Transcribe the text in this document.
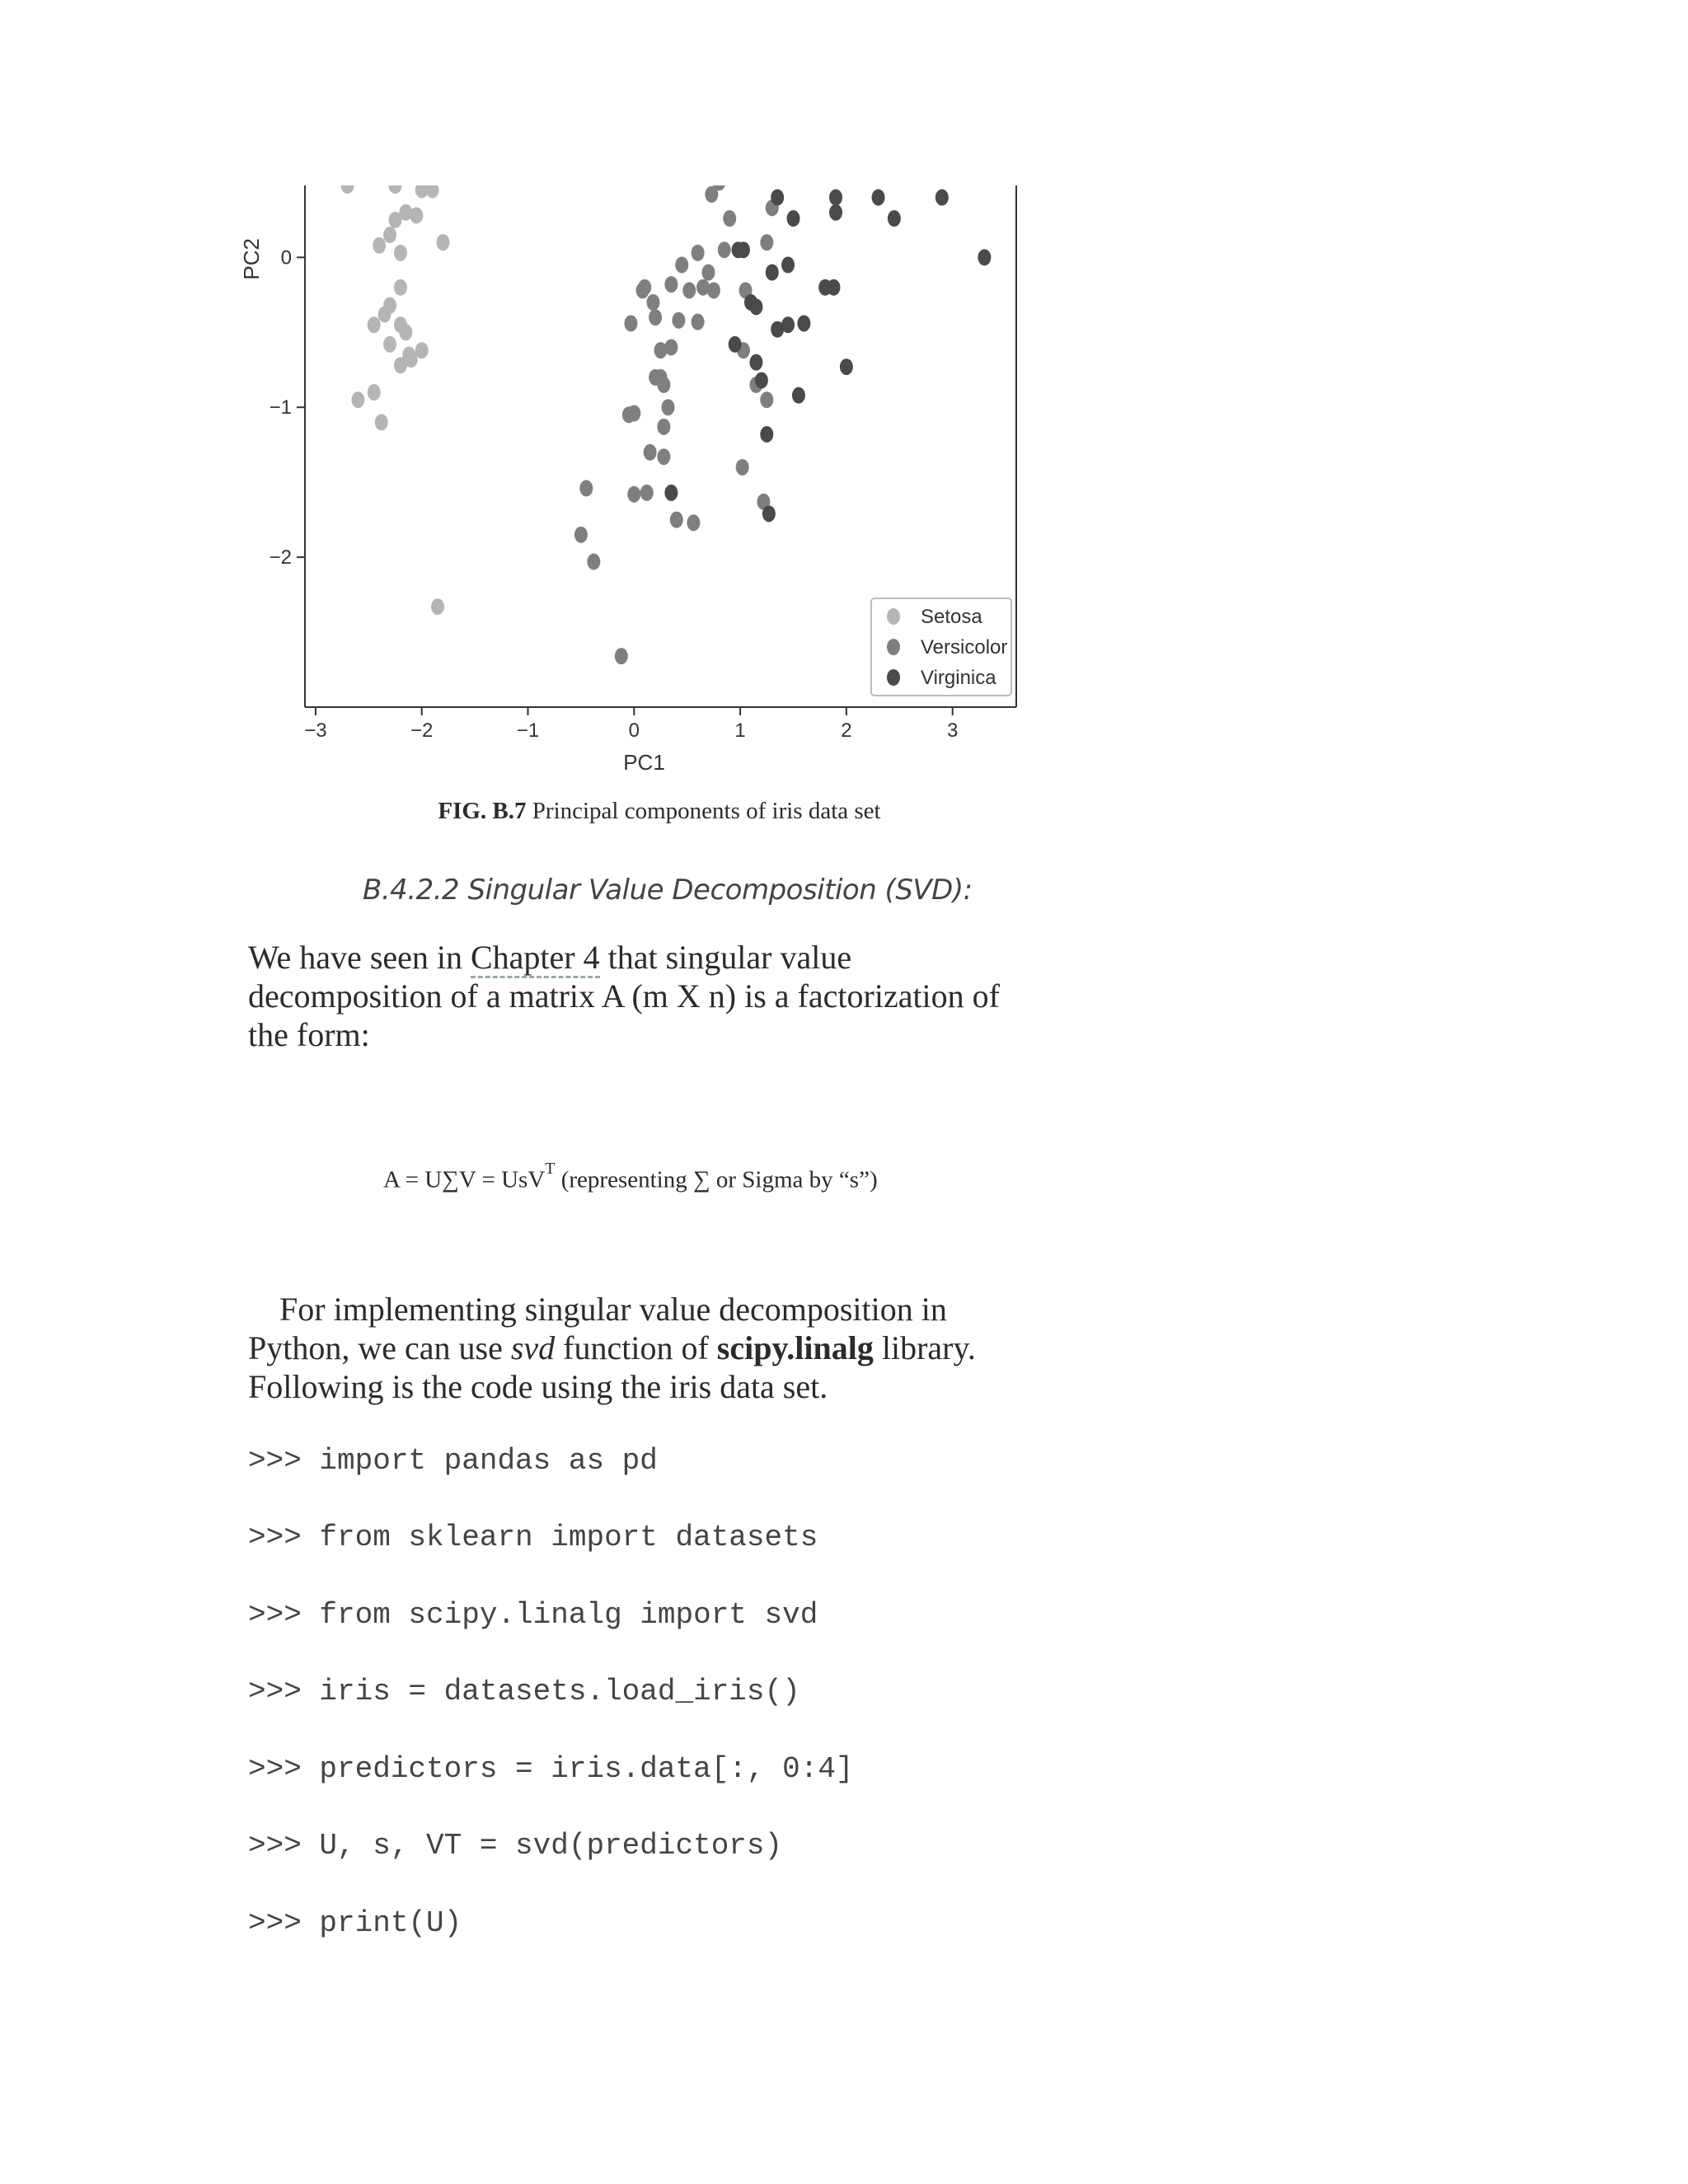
−3	−2	−1	0	1	2	3
0
−1
−2
PC1
PC2
Setosa
Versicolor
Virginica
FIG. B.7 Principal components of iris data set
B.4.2.2 Singular Value Decomposition (SVD):
We have seen in Chapter 4 that singular value decomposition of a matrix A (m X n) is a factorization of the form:
A = U∑V = UsV$^T$ (representing ∑ or Sigma by “s”)
For implementing singular value decomposition in Python, we can use svd function of scipy.linalg library. Following is the code using the iris data set.
>>> import pandas as pd
>>> from sklearn import datasets
>>> from scipy.linalg import svd
>>> iris = datasets.load_iris()
>>> predictors = iris.data[:, 0:4]
>>> U, s, VT = svd(predictors)
>>> print(U)
